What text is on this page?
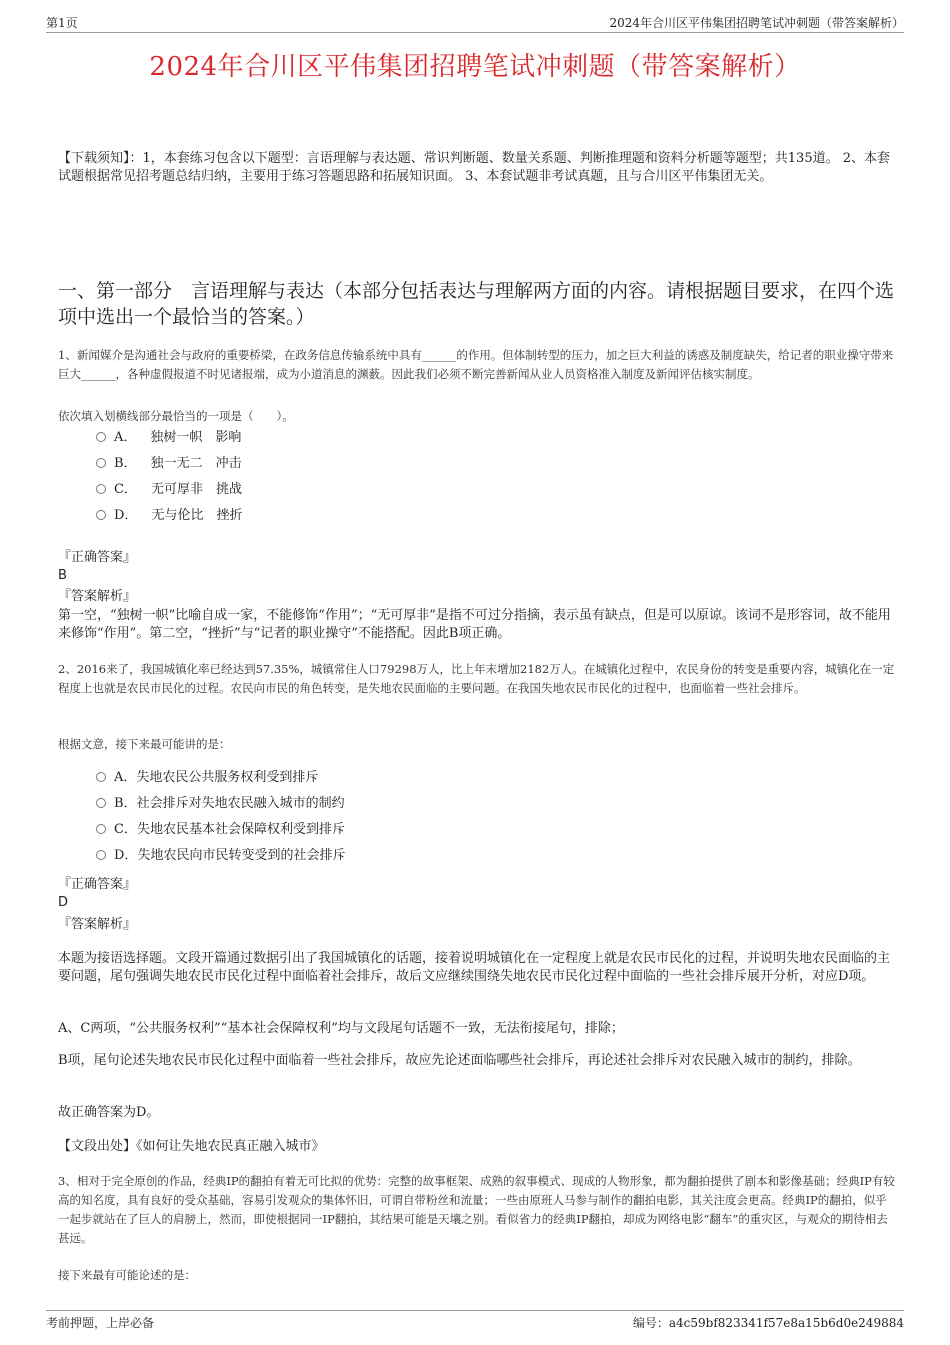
第1页	2024年合川区平伟集团招聘笔试冲刺题（带答案解析）
2024年合川区平伟集团招聘笔试冲刺题（带答案解析）
【下载须知】：1，本套练习包含以下题型：言语理解与表达题、常识判断题、数量关系题、判断推理题和资料分析题等题型；共135道。 2、本套试题根据常见招考题总结归纳，主要用于练习答题思路和拓展知识面。 3、本套试题非考试真题，且与合川区平伟集团无关。
一、第一部分　言语理解与表达（本部分包括表达与理解两方面的内容。请根据题目要求，在四个选项中选出一个最恰当的答案。）
1、新闻媒介是沟通社会与政府的重要桥梁，在政务信息传输系统中具有______的作用。但体制转型的压力，加之巨大利益的诱惑及制度缺失，给记者的职业操守带来巨大______，各种虚假报道不时见诸报端，成为小道消息的渊薮。因此我们必须不断完善新闻从业人员资格准入制度及新闻评估核实制度。
依次填入划横线部分最恰当的一项是（　　）。
A． 独树一帜　影响
B． 独一无二　冲击
C． 无可厚非　挑战
D． 无与伦比　挫折
『正确答案』
B
『答案解析』
第一空，“独树一帜”比喻自成一家，不能修饰“作用”；“无可厚非”是指不可过分指摘，表示虽有缺点，但是可以原谅。该词不是形容词，故不能用来修饰“作用”。第二空，“挫折”与“记者的职业操守”不能搭配。因此B项正确。
2、2016来了，我国城镇化率已经达到57.35%，城镇常住人口79298万人，比上年末增加2182万人。在城镇化过程中，农民身份的转变是重要内容，城镇化在一定程度上也就是农民市民化的过程。农民向市民的角色转变，是失地农民面临的主要问题。在我国失地农民市民化的过程中，也面临着一些社会排斥。
根据文意，接下来最可能讲的是：
A．失地农民公共服务权利受到排斥
B．社会排斥对失地农民融入城市的制约
C．失地农民基本社会保障权利受到排斥
D．失地农民向市民转变受到的社会排斥
『正确答案』
D
『答案解析』
本题为接语选择题。文段开篇通过数据引出了我国城镇化的话题，接着说明城镇化在一定程度上就是农民市民化的过程，并说明失地农民面临的主要问题，尾句强调失地农民市民化过程中面临着社会排斥，故后文应继续围绕失地农民市民化过程中面临的一些社会排斥展开分析，对应D项。
A、C两项，“公共服务权利”“基本社会保障权利”均与文段尾句话题不一致，无法衔接尾句，排除；
B项，尾句论述失地农民市民化过程中面临着一些社会排斥，故应先论述面临哪些社会排斥，再论述社会排斥对农民融入城市的制约，排除。
故正确答案为D。
【文段出处】《如何让失地农民真正融入城市》
3、相对于完全原创的作品，经典IP的翻拍有着无可比拟的优势：完整的故事框架、成熟的叙事模式、现成的人物形象，都为翻拍提供了剧本和影像基础；经典IP有较高的知名度，具有良好的受众基础，容易引发观众的集体怀旧，可谓自带粉丝和流量；一些由原班人马参与制作的翻拍电影，其关注度会更高。经典IP的翻拍，似乎一起步就站在了巨人的肩膀上，然而，即使根据同一IP翻拍，其结果可能是天壤之别。看似省力的经典IP翻拍，却成为网络电影“翻车”的重灾区，与观众的期待相去甚远。
接下来最有可能论述的是：
考前押题，上岸必备	编号：a4c59bf823341f57e8a15b6d0e249884
